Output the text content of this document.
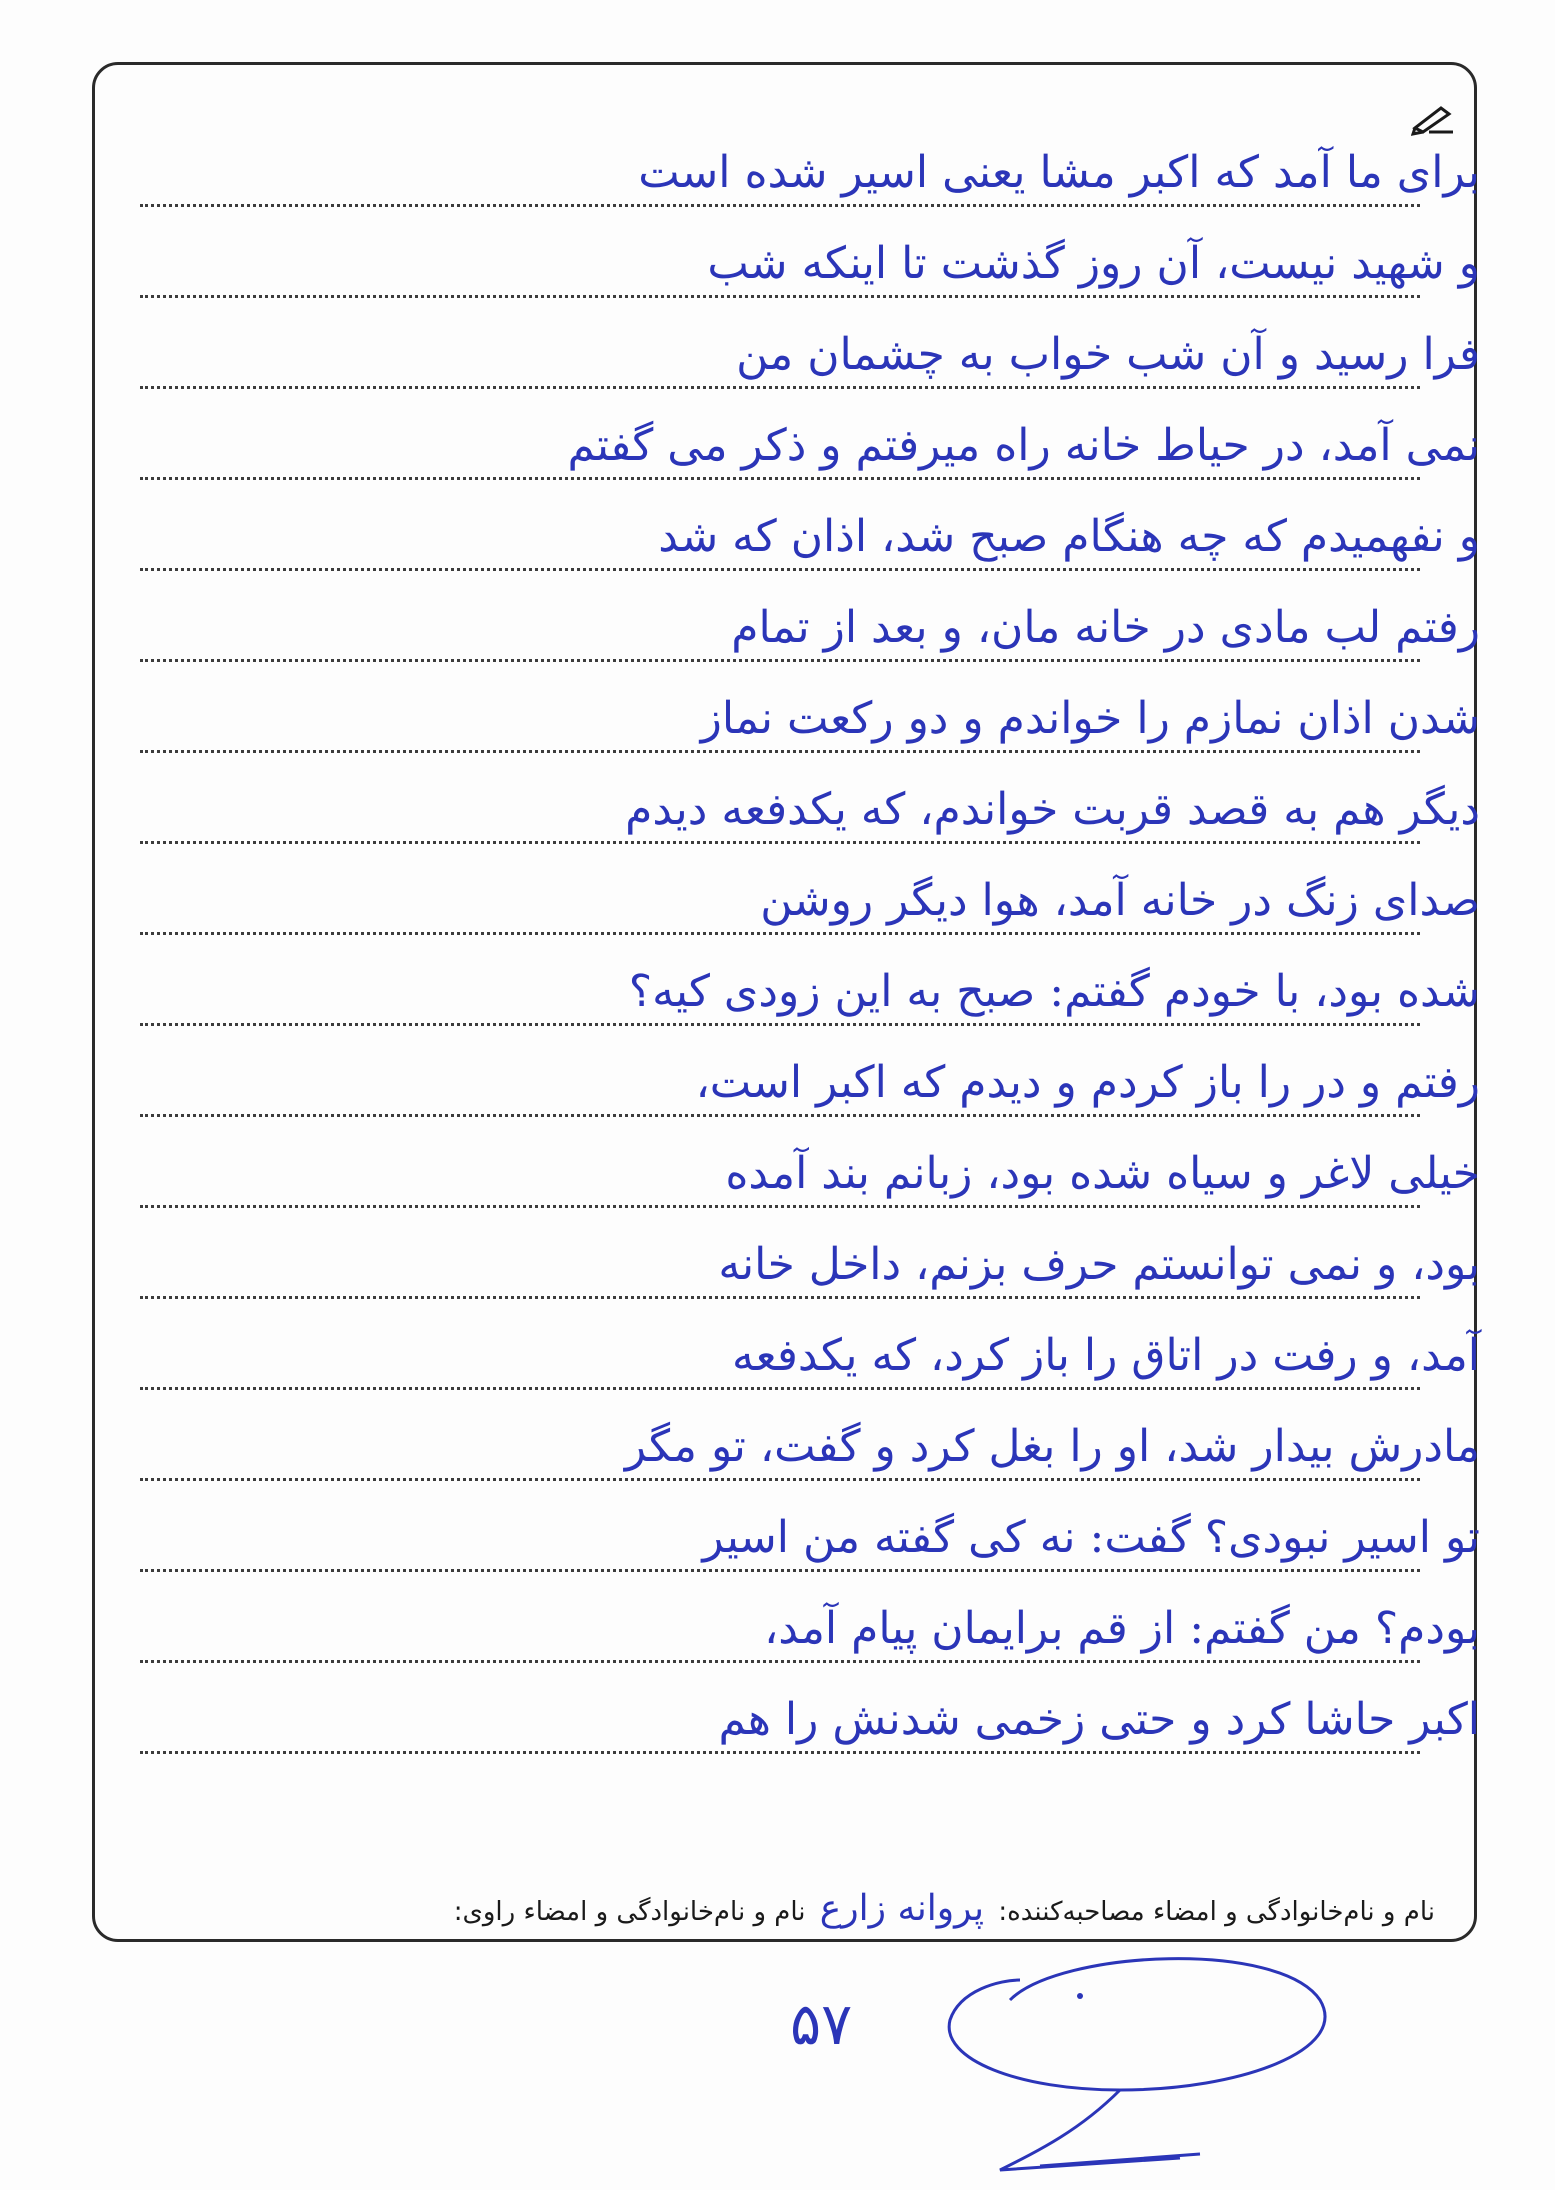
برای ما آمد که اکبر مشا یعنی اسیر شده است
و شهید نیست، آن روز گذشت تا اینکه شب
فرا رسید و آن شب خواب به چشمان من
نمی آمد، در حیاط خانه راه میرفتم و ذکر می گفتم
و نفهمیدم که چه هنگام صبح شد، اذان که شد
رفتم لب مادی در خانه مان، و بعد از تمام
شدن اذان نمازم را خواندم و دو رکعت نماز
دیگر هم به قصد قربت خواندم، که یکدفعه دیدم
صدای زنگ در خانه آمد، هوا دیگر روشن
شده بود، با خودم گفتم: صبح به این زودی کیه؟
رفتم و در را باز کردم و دیدم که اکبر است،
خیلی لاغر و سیاه شده بود، زبانم بند آمده
بود، و نمی توانستم حرف بزنم، داخل خانه
آمد، و رفت در اتاق را باز کرد، که یکدفعه
مادرش بیدار شد، او را بغل کرد و گفت، تو مگر
تو اسیر نبودی؟ گفت: نه کی گفته من اسیر
بودم؟ من گفتم: از قم برایمان پیام آمد،
اکبر حاشا کرد و حتی زخمی شدنش را هم
نام و نام‌خانوادگی و امضاء مصاحبه‌کننده: پروانه زارع نام و نام‌خانوادگی و امضاء راوی:
۵۷
